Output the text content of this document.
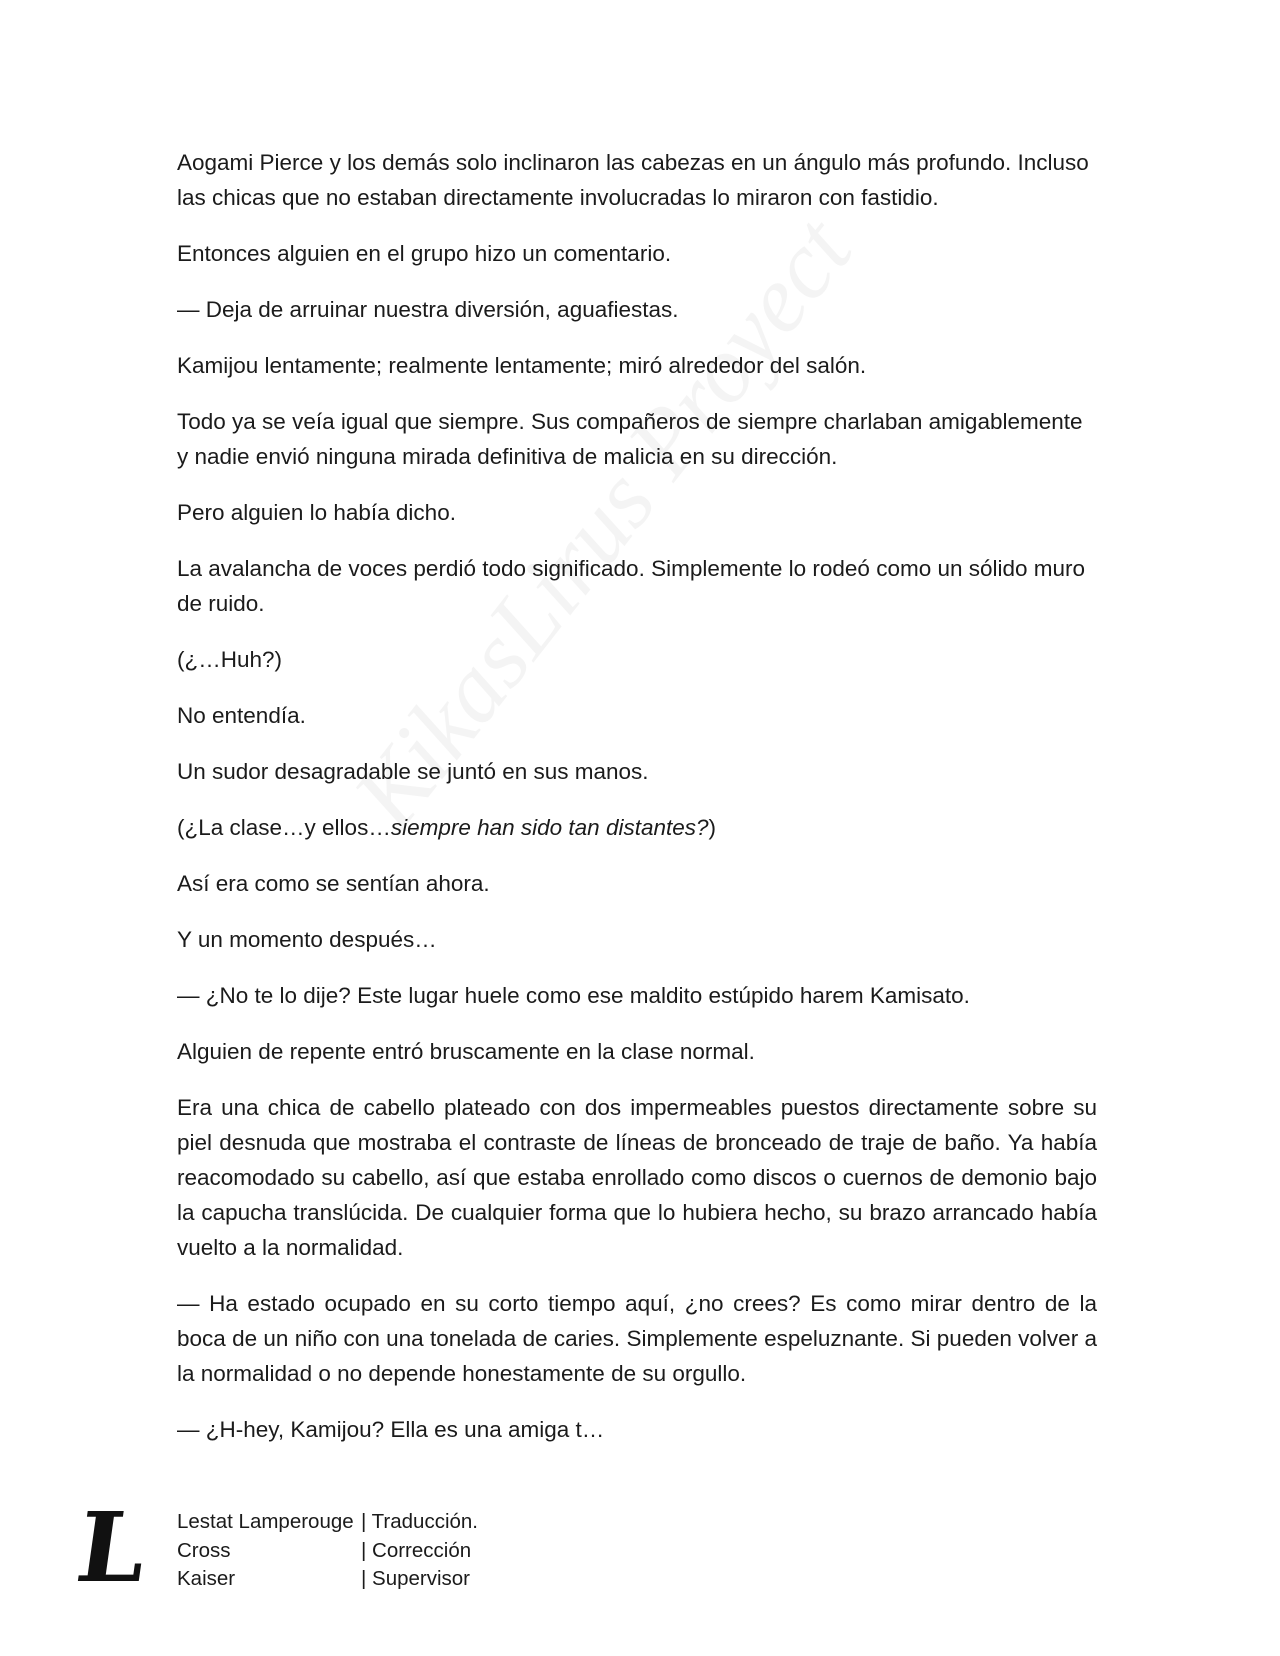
Aogami Pierce y los demás solo inclinaron las cabezas en un ángulo más profundo. Incluso las chicas que no estaban directamente involucradas lo miraron con fastidio.

Entonces alguien en el grupo hizo un comentario.

— Deja de arruinar nuestra diversión, aguafiestas.

Kamijou lentamente; realmente lentamente; miró alrededor del salón.

Todo ya se veía igual que siempre. Sus compañeros de siempre charlaban amigablemente y nadie envió ninguna mirada definitiva de malicia en su dirección.

Pero alguien lo había dicho.

La avalancha de voces perdió todo significado. Simplemente lo rodeó como un sólido muro de ruido.

(¿…Huh?)

No entendía.

Un sudor desagradable se juntó en sus manos.

(¿La clase…y ellos…siempre han sido tan distantes?)

Así era como se sentían ahora.

Y un momento después…

— ¿No te lo dije? Este lugar huele como ese maldito estúpido harem Kamisato.

Alguien de repente entró bruscamente en la clase normal.

Era una chica de cabello plateado con dos impermeables puestos directamente sobre su piel desnuda que mostraba el contraste de líneas de bronceado de traje de baño. Ya había reacomodado su cabello, así que estaba enrollado como discos o cuernos de demonio bajo la capucha translúcida. De cualquier forma que lo hubiera hecho, su brazo arrancado había vuelto a la normalidad.

— Ha estado ocupado en su corto tiempo aquí, ¿no crees? Es como mirar dentro de la boca de un niño con una tonelada de caries. Simplemente espeluznante. Si pueden volver a la normalidad o no depende honestamente de su orgullo.

— ¿H-hey, Kamijou? Ella es una amiga t…

L Lestat Lamperouge | Traducción.
Cross	| Corrección
Kaiser	| Supervisor
